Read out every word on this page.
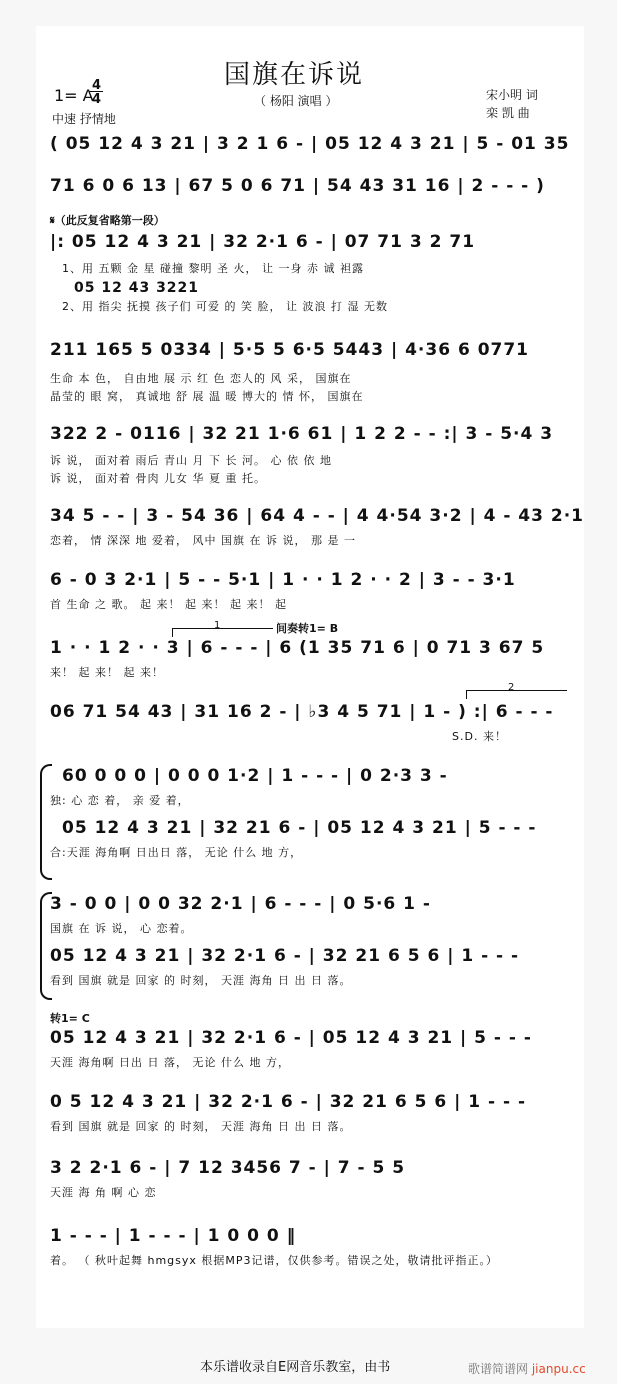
国旗在诉说
（ 杨阳 演唱 ）
1= A
4
4
中速 抒情地
宋小明 词
栾 凯 曲
𝄋（此反复省略第一段）
1	间奏转1= B
2
转1= C
( 05 12 4 3 21 | 3 2 1 6 - | 05 12 4 3 21 | 5 - 01 35
71 6 0 6 13 | 67 5 0 6 71 | 54 43 31 16 | 2 - - - )
|: 05 12 4 3 21 | 32 2·1 6 - | 07 71 3 2 71
05 12 43 3221
211 165 5 0334 | 5·5 5 6·5 5443 | 4·36 6 0771
322 2 - 0116 | 32 21 1·6 61 | 1 2 2 - - :| 3 - 5·4 3
34 5 - - | 3 - 54 36 | 64 4 - - | 4 4·54 3·2 | 4 - 43 2·1
6 - 0 3 2·1 | 5 - - 5·1 | 1 · · 1 2 · · 2 | 3 - - 3·1
1 · · 1 2 · · 3 | 6 - - - | 6 (1 35 71 6 | 0 71 3 67 5
06 71 54 43 | 31 16 2 - | ♭3 4 5 71 | 1 - ) :| 6 - - -
60 0 0 0 | 0 0 0 1·2 | 1 - - - | 0 2·3 3 -
05 12 4 3 21 | 32 21 6 - | 05 12 4 3 21 | 5 - - -
3 - 0 0 | 0 0 32 2·1 | 6 - - - | 0 5·6 1 -
05 12 4 3 21 | 32 2·1 6 - | 32 21 6 5 6 | 1 - - -
05 12 4 3 21 | 32 2·1 6 - | 05 12 4 3 21 | 5 - - -
0 5 12 4 3 21 | 32 2·1 6 - | 32 21 6 5 6 | 1 - - -
3 2 2·1 6 - | 7 12 3456 7 - | 7 - 5 5
1 - - - | 1 - - - | 1 0 0 0 ‖
1、用 五颗 金 星 碰撞 黎明 圣 火， 让 一身 赤 诚 袒露
2、用 指尖 抚摸 孩子们 可爱 的 笑 脸， 让 波浪 打 湿 无数
生命 本 色， 自由地 展 示 红 色 恋人的 风 采， 国旗在
晶莹的 眼 窝， 真诚地 舒 展 温 暖 博大的 情 怀， 国旗在
诉 说， 面对着 雨后 青山 月 下 长 河。 心 依 依 地
诉 说， 面对着 骨肉 儿女 华 夏 重 托。
恋着， 情 深深 地 爱着， 风中 国旗 在 诉 说， 那 是 一
首 生命 之 歌。 起 来！ 起 来！ 起 来！ 起
来！ 起 来！ 起 来！
S.D. 来！
独: 心 恋 着， 亲 爱 着，
合:天涯 海角啊 日出日 落， 无论 什么 地 方，
国旗 在 诉 说， 心 恋着。
看到 国旗 就是 回家 的 时刻， 天涯 海角 日 出 日 落。
天涯 海角啊 日出 日 落， 无论 什么 地 方，
看到 国旗 就是 回家 的 时刻， 天涯 海角 日 出 日 落。
天涯 海 角 啊 心 恋
着。 （ 秋叶起舞 hmgsyx 根据MP3记谱，仅供参考。错误之处，敬请批评指正。）
本乐谱收录自E网音乐教室，由书	歌谱简谱网 jianpu.cc
